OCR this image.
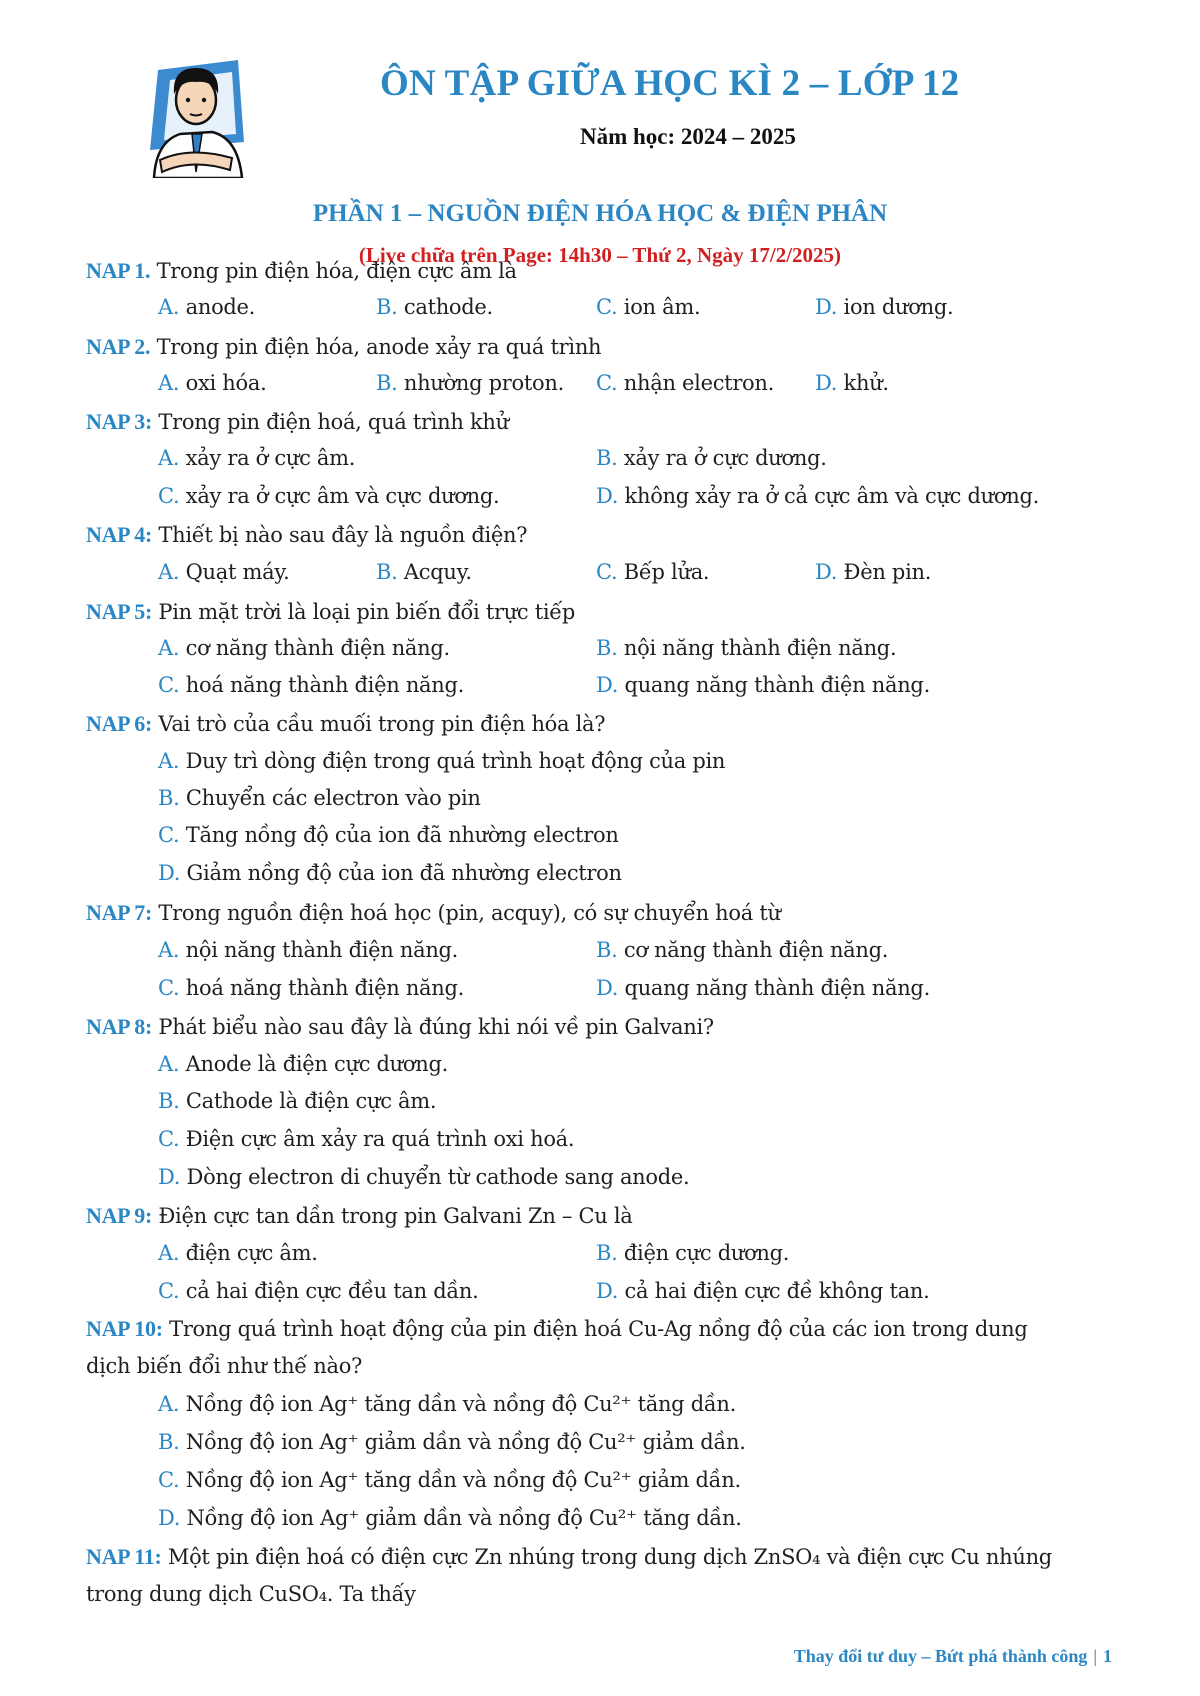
ÔN TẬP GIỮA HỌC KÌ 2 – LỚP 12
Năm học: 2024 – 2025
PHẦN 1 – NGUỒN ĐIỆN HÓA HỌC & ĐIỆN PHÂN
(Live chữa trên Page: 14h30 – Thứ 2, Ngày 17/2/2025)
NAP 1. Trong pin điện hóa, điện cực âm là
A. anode.	B. cathode.	C. ion âm.	D. ion dương.
NAP 2. Trong pin điện hóa, anode xảy ra quá trình
A. oxi hóa.	B. nhường proton. C. nhận electron. D. khử.
NAP 3: Trong pin điện hoá, quá trình khử
A. xảy ra ở cực âm.	B. xảy ra ở cực dương.
C. xảy ra ở cực âm và cực dương.	D. không xảy ra ở cả cực âm và cực dương.
NAP 4: Thiết bị nào sau đây là nguồn điện?
A. Quạt máy.	B. Acquy.	C. Bếp lửa.	D. Đèn pin.
NAP 5: Pin mặt trời là loại pin biến đổi trực tiếp
A. cơ năng thành điện năng.	B. nội năng thành điện năng.
C. hoá năng thành điện năng.	D. quang năng thành điện năng.
NAP 6: Vai trò của cầu muối trong pin điện hóa là?
A. Duy trì dòng điện trong quá trình hoạt động của pin
B. Chuyển các electron vào pin
C. Tăng nồng độ của ion đã nhường electron
D. Giảm nồng độ của ion đã nhường electron
NAP 7: Trong nguồn điện hoá học (pin, acquy), có sự chuyển hoá từ
A. nội năng thành điện năng.	B. cơ năng thành điện năng.
C. hoá năng thành điện năng.	D. quang năng thành điện năng.
NAP 8: Phát biểu nào sau đây là đúng khi nói về pin Galvani?
A. Anode là điện cực dương.
B. Cathode là điện cực âm.
C. Điện cực âm xảy ra quá trình oxi hoá.
D. Dòng electron di chuyển từ cathode sang anode.
NAP 9: Điện cực tan dần trong pin Galvani Zn – Cu là
A. điện cực âm.	B. điện cực dương.
C. cả hai điện cực đều tan dần.	D. cả hai điện cực đề không tan.
NAP 10: Trong quá trình hoạt động của pin điện hoá Cu-Ag nồng độ của các ion trong dung
dịch biến đổi như thế nào?
A. Nồng độ ion Ag⁺ tăng dần và nồng độ Cu²⁺ tăng dần.
B. Nồng độ ion Ag⁺ giảm dần và nồng độ Cu²⁺ giảm dần.
C. Nồng độ ion Ag⁺ tăng dần và nồng độ Cu²⁺ giảm dần.
D. Nồng độ ion Ag⁺ giảm dần và nồng độ Cu²⁺ tăng dần.
NAP 11: Một pin điện hoá có điện cực Zn nhúng trong dung dịch ZnSO₄ và điện cực Cu nhúng
trong dung dịch CuSO₄. Ta thấy
Thay đổi tư duy – Bứt phá thành công | 1
